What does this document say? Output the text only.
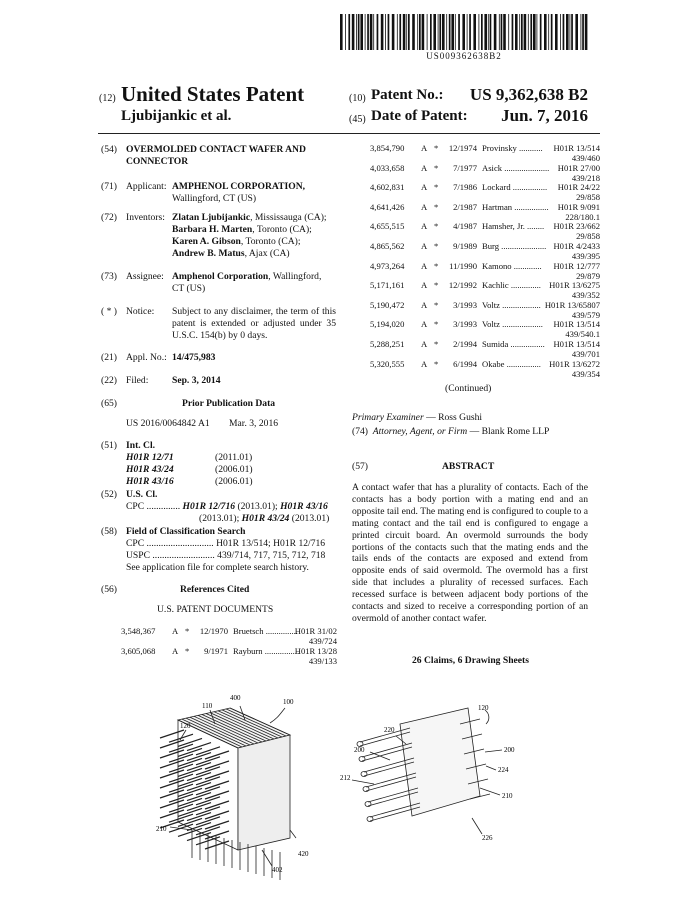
US009362638B2
(12) United States Patent
Ljubijankic et al.
(10) Patent No.: US 9,362,638 B2
(45) Date of Patent: Jun. 7, 2016
(54) OVERMOLDED CONTACT WAFER AND
CONNECTOR
(71) Applicant: AMPHENOL CORPORATION,
Wallingford, CT (US)
(72) Inventors: Zlatan Ljubijankic, Mississauga (CA);
Barbara H. Marten, Toronto (CA);
Karen A. Gibson, Toronto (CA);
Andrew B. Matus, Ajax (CA)
(73) Assignee: Amphenol Corporation, Wallingford,
CT (US)
( * ) Notice: Subject to any disclaimer, the term of this
patent is extended or adjusted under 35
U.S.C. 154(b) by 0 days.
(21) Appl. No.: 14/475,983
(22) Filed: Sep. 3, 2014
(65)	Prior Publication Data
US 2016/0064842 A1 Mar. 3, 2016
(51) Int. Cl.
H01R 12/71	(2011.01)
H01R 43/24	(2006.01)
H01R 43/16	(2006.01)
(52) U.S. Cl.
CPC .............. H01R 12/716 (2013.01); H01R 43/16
(2013.01); H01R 43/24 (2013.01)
(58) Field of Classification Search
CPC ............................ H01R 13/514; H01R 12/716
USPC .......................... 439/714, 717, 715, 712, 718
See application file for complete search history.
(56)	References Cited
U.S. PATENT DOCUMENTS
3,548,367 A *	12/1970 Bruetsch ...............
H01R 31/02
439/724
3,605,068 A *	9/1971 Rayburn ................
H01R 13/28
439/133
3,854,790 A *	12/1974 Provinsky ........... H01R 13/514
439/460
4,033,658 A *	7/1977 Asick ..................... H01R 27/00
439/218
4,602,831 A *	7/1986 Lockard ................ H01R 24/22
29/858
4,641,426 A *	2/1987 Hartman ................ H01R 9/091
228/180.1
4,655,515 A *	4/1987 Hamsher, Jr. ........ H01R 23/662
29/858
4,865,562 A *	9/1989 Burg ..................... H01R 4/2433
439/395
4,973,264 A *	11/1990 Kamono ............. H01R 12/777
29/879
5,171,161 A *	12/1992 Kachlic .............. H01R 13/6275
439/352
5,190,472 A *	3/1993 Voltz .................. H01R 13/65807
439/579
5,194,020 A *	3/1993 Voltz ................... H01R 13/514
439/540.1
5,288,251 A *	2/1994 Sumida ................ H01R 13/514
439/701
5,320,555 A *	6/1994 Okabe ................ H01R 13/6272
439/354
(Continued)
Primary Examiner — Ross Gushi
(74) Attorney, Agent, or Firm — Blank Rome LLP
(57)	ABSTRACT
A contact wafer that has a plurality of contacts. Each of the contacts has a body portion with a mating end and an opposite tail end. The mating end is configured to couple to a mating contact and the tail end is configured to engage a printed circuit board. An overmold surrounds the body portions of the contacts such that the mating ends and the tails ends of the contacts are exposed and extend from opposite ends of said overmold. The overmold has a first side that includes a plurality of recessed surfaces. Each recessed surface is between adjacent body portions of the contacts and sized to receive a corresponding portion of an overmold of another contact wafer.
26 Claims, 6 Drawing Sheets
400
110	100
120
210
420
402
120
220
200	200
212
224
210
226
